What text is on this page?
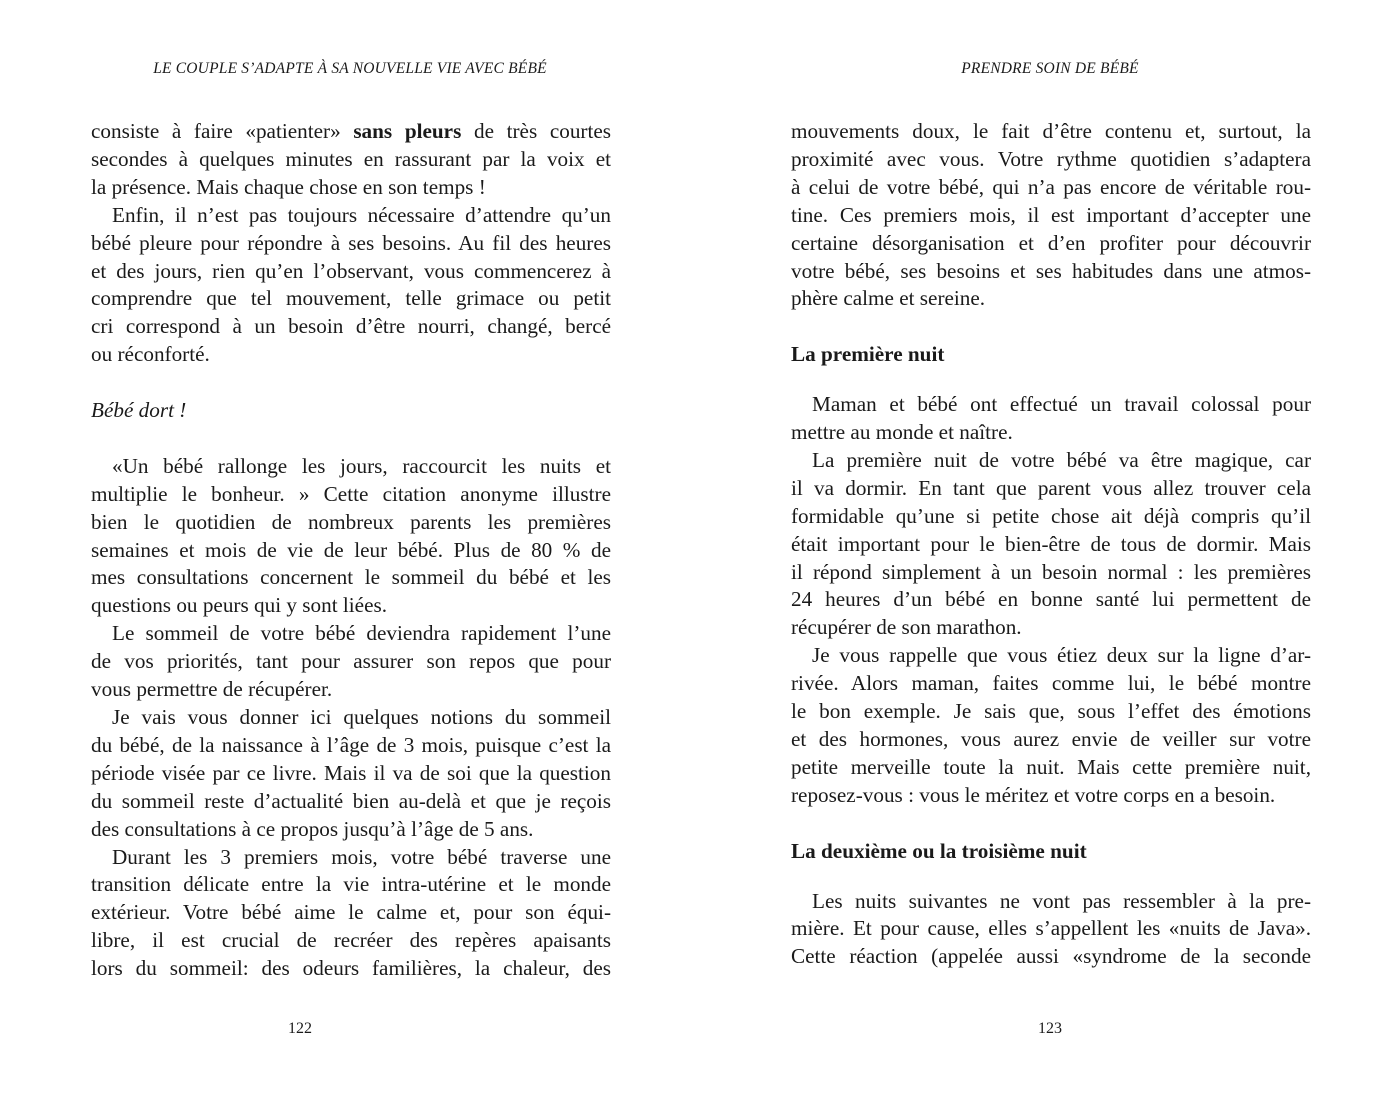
LE COUPLE S’ADAPTE À SA NOUVELLE VIE AVEC BÉBÉ
consiste à faire «patienter» sans pleurs de très courtes
secondes à quelques minutes en rassurant par la voix et
la présence. Mais chaque chose en son temps !
Enfin, il n’est pas toujours nécessaire d’attendre qu’un
bébé pleure pour répondre à ses besoins. Au fil des heures
et des jours, rien qu’en l’observant, vous commencerez à
comprendre que tel mouvement, telle grimace ou petit
cri correspond à un besoin d’être nourri, changé, bercé
ou réconforté.

Bébé dort !

«Un bébé rallonge les jours, raccourcit les nuits et
multiplie le bonheur. » Cette citation anonyme illustre
bien le quotidien de nombreux parents les premières
semaines et mois de vie de leur bébé. Plus de 80 % de
mes consultations concernent le sommeil du bébé et les
questions ou peurs qui y sont liées.
Le sommeil de votre bébé deviendra rapidement l’une
de vos priorités, tant pour assurer son repos que pour
vous permettre de récupérer.
Je vais vous donner ici quelques notions du sommeil
du bébé, de la naissance à l’âge de 3 mois, puisque c’est la
période visée par ce livre. Mais il va de soi que la question
du sommeil reste d’actualité bien au-delà et que je reçois
des consultations à ce propos jusqu’à l’âge de 5 ans.
Durant les 3 premiers mois, votre bébé traverse une
transition délicate entre la vie intra-utérine et le monde
extérieur. Votre bébé aime le calme et, pour son équi-
libre, il est crucial de recréer des repères apaisants
lors du sommeil: des odeurs familières, la chaleur, des
122
PRENDRE SOIN DE BÉBÉ
mouvements doux, le fait d’être contenu et, surtout, la
proximité avec vous. Votre rythme quotidien s’adaptera
à celui de votre bébé, qui n’a pas encore de véritable rou-
tine. Ces premiers mois, il est important d’accepter une
certaine désorganisation et d’en profiter pour découvrir
votre bébé, ses besoins et ses habitudes dans une atmos-
phère calme et sereine.

La première nuit

Maman et bébé ont effectué un travail colossal pour
mettre au monde et naître.
La première nuit de votre bébé va être magique, car
il va dormir. En tant que parent vous allez trouver cela
formidable qu’une si petite chose ait déjà compris qu’il
était important pour le bien-être de tous de dormir. Mais
il répond simplement à un besoin normal : les premières
24 heures d’un bébé en bonne santé lui permettent de
récupérer de son marathon.
Je vous rappelle que vous étiez deux sur la ligne d’ar-
rivée. Alors maman, faites comme lui, le bébé montre
le bon exemple. Je sais que, sous l’effet des émotions
et des hormones, vous aurez envie de veiller sur votre
petite merveille toute la nuit. Mais cette première nuit,
reposez-vous : vous le méritez et votre corps en a besoin.

La deuxième ou la troisième nuit

Les nuits suivantes ne vont pas ressembler à la pre-
mière. Et pour cause, elles s’appellent les «nuits de Java».
Cette réaction (appelée aussi «syndrome de la seconde
123
